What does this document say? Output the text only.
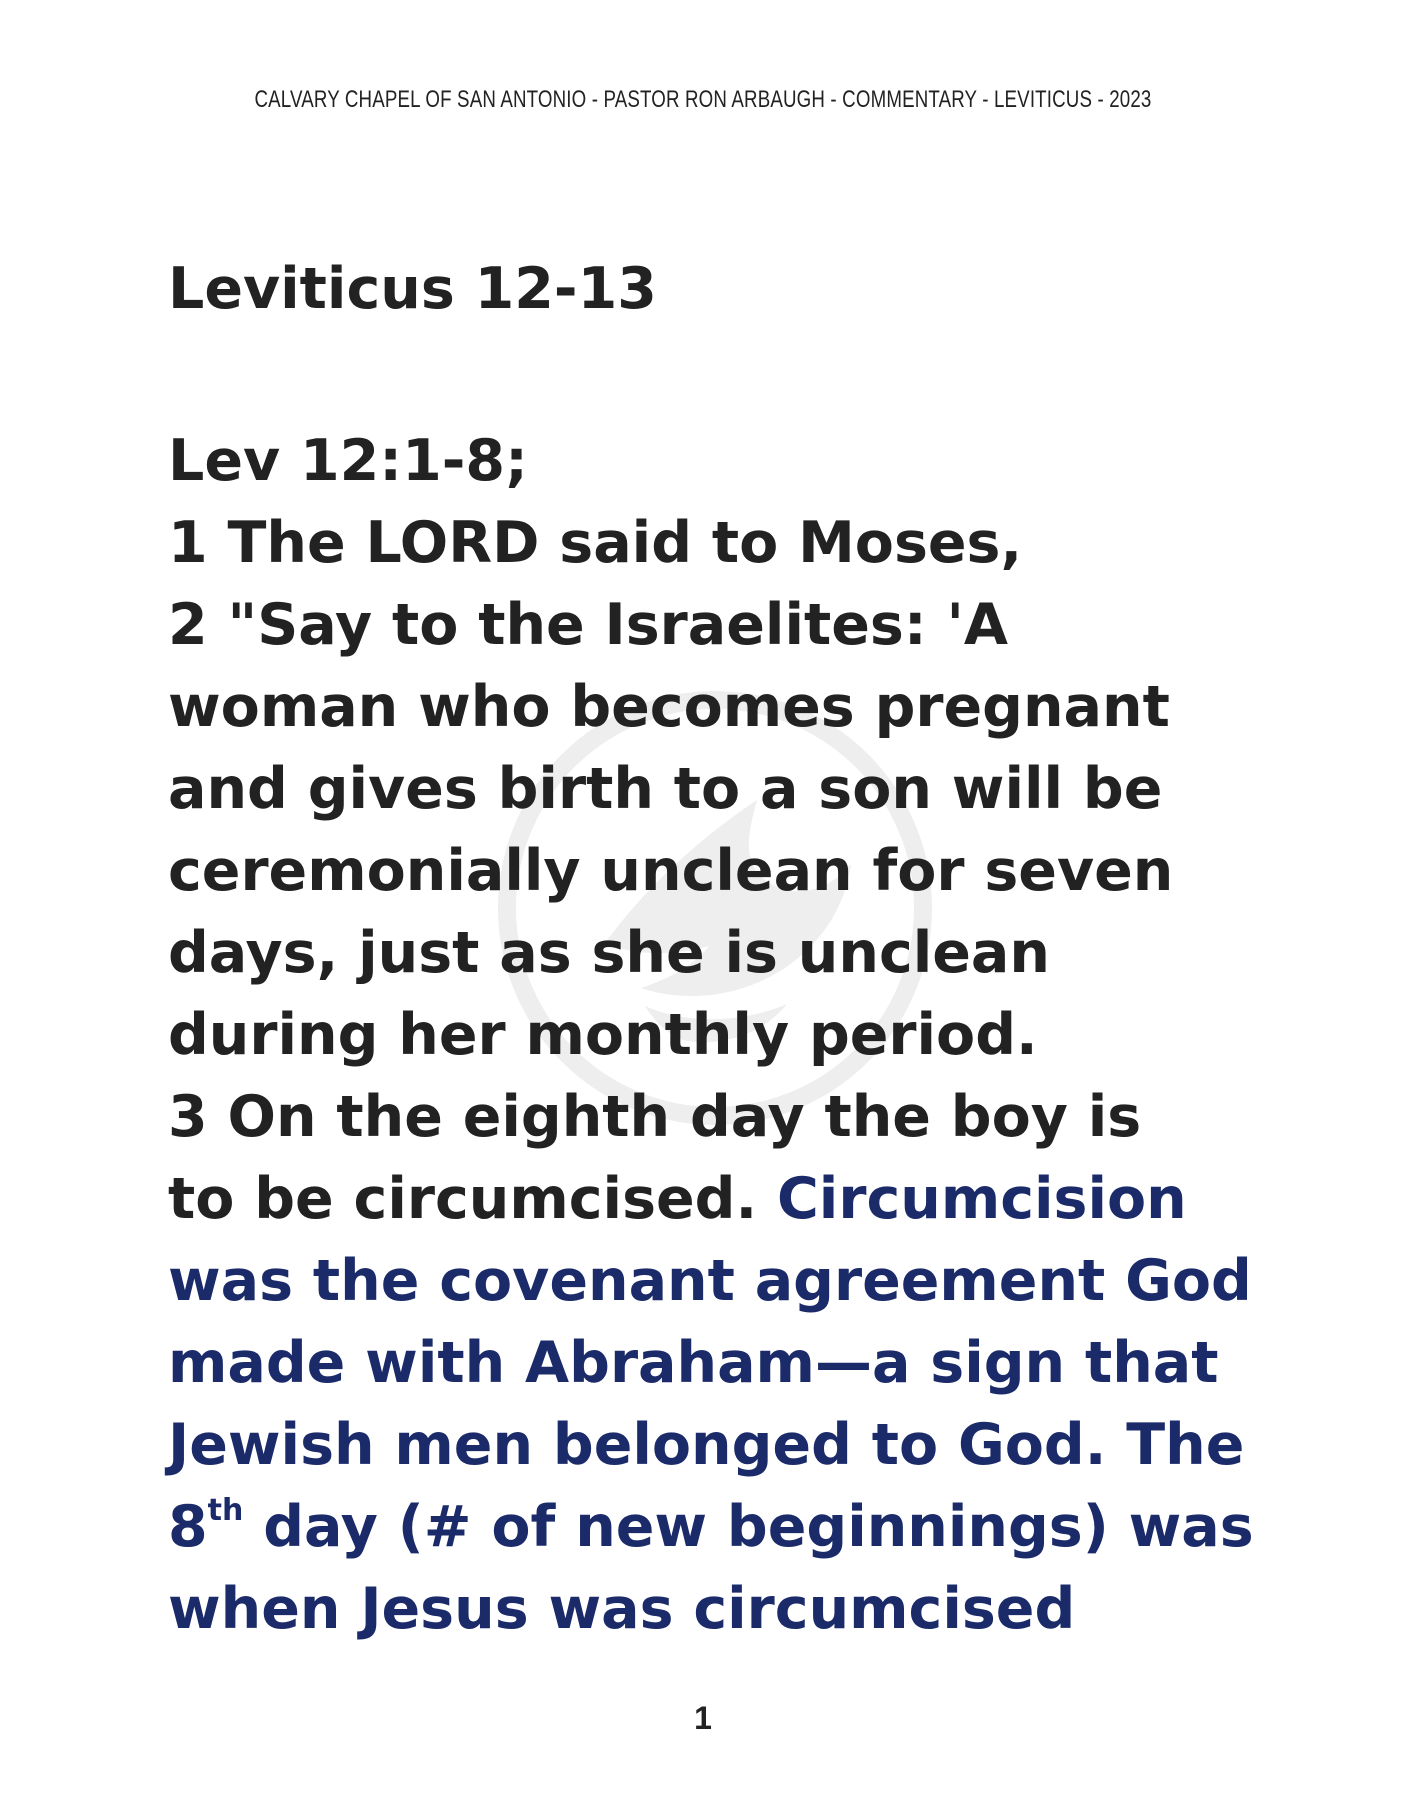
CALVARY CHAPEL OF SAN ANTONIO - PASTOR RON ARBAUGH - COMMENTARY - LEVITICUS - 2023
Leviticus 12-13
Lev 12:1-8;
1 The LORD said to Moses,
2 "Say to the Israelites: 'A
woman who becomes pregnant
and gives birth to a son will be
ceremonially unclean for seven
days, just as she is unclean
during her monthly period.
3 On the eighth day the boy is
to be circumcised. Circumcision
was the covenant agreement God
made with Abraham—a sign that
Jewish men belonged to God. The
8th day (# of new beginnings) was
when Jesus was circumcised
1
